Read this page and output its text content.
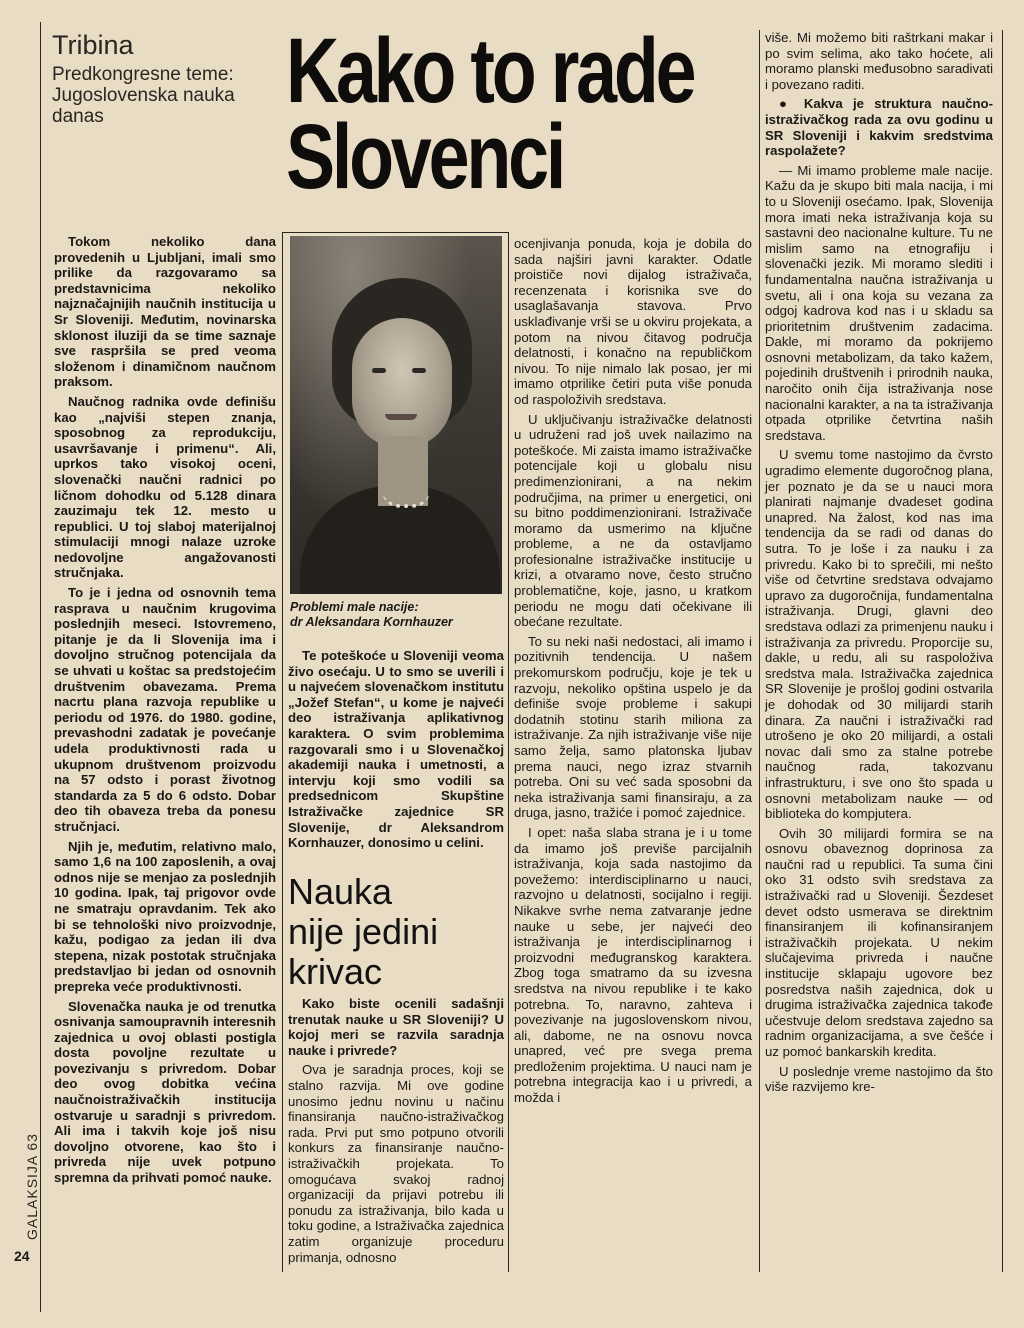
Tribina
Predkongresne teme: Jugoslovenska nauka danas	Kako to rade
Slovenci

Tokom nekoliko dana provedenih u Ljubljani, imali smo prilike da razgovaramo sa predstavnicima nekoliko najznačajnijih naučnih institucija u Sr Sloveniji. Međutim, novinarska sklonost iluziji da se time saznaje sve raspršila se pred veoma složenom i dinamičnom naučnom praksom.

Naučnog radnika ovde definišu kao „najviši stepen znanja, sposobnog za reprodukciju, usavršavanje i primenu“. Ali, uprkos tako visokoj oceni, slovenački naučni radnici po ličnom dohodku od 5.128 dinara zauzimaju tek 12. mesto u republici. U toj slaboj materijalnoj stimulaciji mnogi nalaze uzroke nedovoljne angažovanosti stručnjaka.

To je i jedna od osnovnih tema rasprava u naučnim krugovima poslednjih meseci. Istovremeno, pitanje je da li Slovenija ima i dovoljno stručnog potencijala da se uhvati u koštac sa predstojećim društvenim obavezama. Prema nacrtu plana razvoja republike u periodu od 1976. do 1980. godine, prevashodni zadatak je povećanje udela produktivnosti rada u ukupnom društvenom proizvodu na 57 odsto i porast životnog standarda za 5 do 6 odsto. Dobar deo tih obaveza treba da ponesu stručnjaci.

Njih je, međutim, relativno malo, samo 1,6 na 100 zaposlenih, a ovaj odnos nije se menjao za poslednjih 10 godina. Ipak, taj prigovor ovde ne smatraju opravdanim. Tek ako bi se tehnološki nivo proizvodnje, kažu, podigao za jedan ili dva stepena, nizak postotak stručnjaka predstavljao bi jedan od osnovnih prepreka veće produktivnosti.

Slovenačka nauka je od trenutka osnivanja samoupravnih interesnih zajednica u ovoj oblasti postigla dosta povoljne rezultate u povezivanju s privredom. Dobar deo ovog dobitka većina naučnoistraživačkih institucija ostvaruje u saradnji s privredom. Ali ima i takvih koje još nisu dovoljno otvorene, kao što i privreda nije uvek potpuno spremna da prihvati pomoć nauke.

Problemi male nacije:
dr Aleksandara Kornhauzer

Te poteškoće u Sloveniji veoma živo osećaju. U to smo se uverili i u najvećem slovenačkom institutu „Jožef Stefan“, u kome je najveći deo istraživanja aplikativnog karaktera. O svim problemima razgovarali smo i u Slovenačkoj akademiji nauka i umetnosti, a intervju koji smo vodili sa predsednicom Skupštine Istraživačke zajednice SR Slovenije, dr Aleksandrom Kornhauzer, donosimo u celini.

Nauka
nije jedini
krivac

Kako biste ocenili sadašnji trenutak nauke u SR Sloveniji? U kojoj meri se razvila saradnja nauke i privrede?

Ova je saradnja proces, koji se stalno razvija. Mi ove godine unosimo jednu novinu u načinu finansiranja naučno-istraživačkog rada. Prvi put smo potpuno otvorili konkurs za finansiranje naučno-istraživačkih projekata. To omogućava svakoj radnoj organizaciji da prijavi potrebu ili ponudu za istraživanja, bilo kada u toku godine, a Istraživačka zajednica zatim organizuje proceduru primanja, odnosno

ocenjivanja ponuda, koja je dobila do sada najširi javni karakter. Odatle proističe novi dijalog istraživača, recenzenata i korisnika sve do usaglašavanja stavova. Prvo usklađivanje vrši se u okviru projekata, a potom na nivou čitavog područja delatnosti, i konačno na republičkom nivou. To nije nimalo lak posao, jer mi imamo otprilike četiri puta više ponuda od raspoloživih sredstava.

U uključivanju istraživačke delatnosti u udruženi rad još uvek nailazimo na poteškoće. Mi zaista imamo istraživačke potencijale koji u globalu nisu predimenzionirani, a na nekim područjima, na primer u energetici, oni su bitno poddimenzionirani. Istraživače moramo da usmerimo na ključne probleme, a ne da ostavljamo profesionalne istraživačke institucije u krizi, a otvaramo nove, često stručno problematične, koje, jasno, u kratkom periodu ne mogu dati očekivane ili obećane rezultate.

To su neki naši nedostaci, ali imamo i pozitivnih tendencija. U našem prekomurskom području, koje je tek u razvoju, nekoliko opština uspelo je da definiše svoje probleme i sakupi dodatnih stotinu starih miliona za istraživanje. Za njih istraživanje više nije samo želja, samo platonska ljubav prema nauci, nego izraz stvarnih potreba. Oni su već sada sposobni da neka istraživanja sami finansiraju, a za druga, jasno, tražiće i pomoć zajednice.

I opet: naša slaba strana je i u tome da imamo još previše parcijalnih istraživanja, koja sada nastojimo da povežemo: interdisciplinarno u nauci, razvojno u delatnosti, socijalno i regiji. Nikakve svrhe nema zatvaranje jedne nauke u sebe, jer najveći deo istraživanja je interdisciplinarnog i proizvodni međugranskog karaktera. Zbog toga smatramo da su izvesna sredstva na nivou republike i te kako potrebna. To, naravno, zahteva i povezivanje na jugoslovenskom nivou, ali, dabome, ne na osnovu novca unapred, već pre svega prema predloženim projektima. U nauci nam je potrebna integracija kao i u privredi, a možda i

više. Mi možemo biti raštrkani makar i po svim selima, ako tako hoćete, ali moramo planski međusobno saradivati i povezano raditi.

● Kakva je struktura naučno-istraživačkog rada za ovu godinu u SR Sloveniji i kakvim sredstvima raspolažete?

— Mi imamo probleme male nacije. Kažu da je skupo biti mala nacija, i mi to u Sloveniji osećamo. Ipak, Slovenija mora imati neka istraživanja koja su sastavni deo nacionalne kulture. Tu ne mislim samo na etnografiju i slovenački jezik. Mi moramo slediti i fundamentalna naučna istraživanja u svetu, ali i ona koja su vezana za odgoj kadrova kod nas i u skladu sa prioritetnim društvenim zadacima. Dakle, mi moramo da pokrijemo osnovni metabolizam, da tako kažem, pojedinih društvenih i prirodnih nauka, naročito onih čija istraživanja nose nacionalni karakter, a na ta istraživanja otpada otprilike četvrtina naših sredstava.

U svemu tome nastojimo da čvrsto ugradimo elemente dugoročnog plana, jer poznato je da se u nauci mora planirati najmanje dvadeset godina unapred. Na žalost, kod nas ima tendencija da se radi od danas do sutra. To je loše i za nauku i za privredu. Kako bi to sprečili, mi nešto više od četvrtine sredstava odvajamo upravo za dugoročnija, fundamentalna istraživanja. Drugi, glavni deo sredstava odlazi za primenjenu nauku i istraživanja za privredu. Proporcije su, dakle, u redu, ali su raspoloživa sredstva mala. Istraživačka zajednica SR Slovenije je prošloj godini ostvarila je dohodak od 30 milijardi starih dinara. Za naučni i istraživački rad utrošeno je oko 20 milijardi, a ostali novac dali smo za stalne potrebe naučnog rada, takozvanu infrastrukturu, i sve ono što spada u osnovni metabolizam nauke — od biblioteka do kompjutera.

Ovih 30 milijardi formira se na osnovu obaveznog doprinosa za naučni rad u republici. Ta suma čini oko 31 odsto svih sredstava za istraživački rad u Sloveniji. Šezdeset devet odsto usmerava se direktnim finansiranjem ili kofinansiranjem istraživačkih projekata. U nekim slučajevima privreda i naučne institucije sklapaju ugovore bez posredstva naših zajednica, dok u drugima istraživačka zajednica takođe učestvuje delom sredstava zajedno sa radnim organizacijama, a sve češće i uz pomoć bankarskih kredita.

U poslednje vreme nastojimo da što više razvijemo kre-

GALAKSIJA 63
24
